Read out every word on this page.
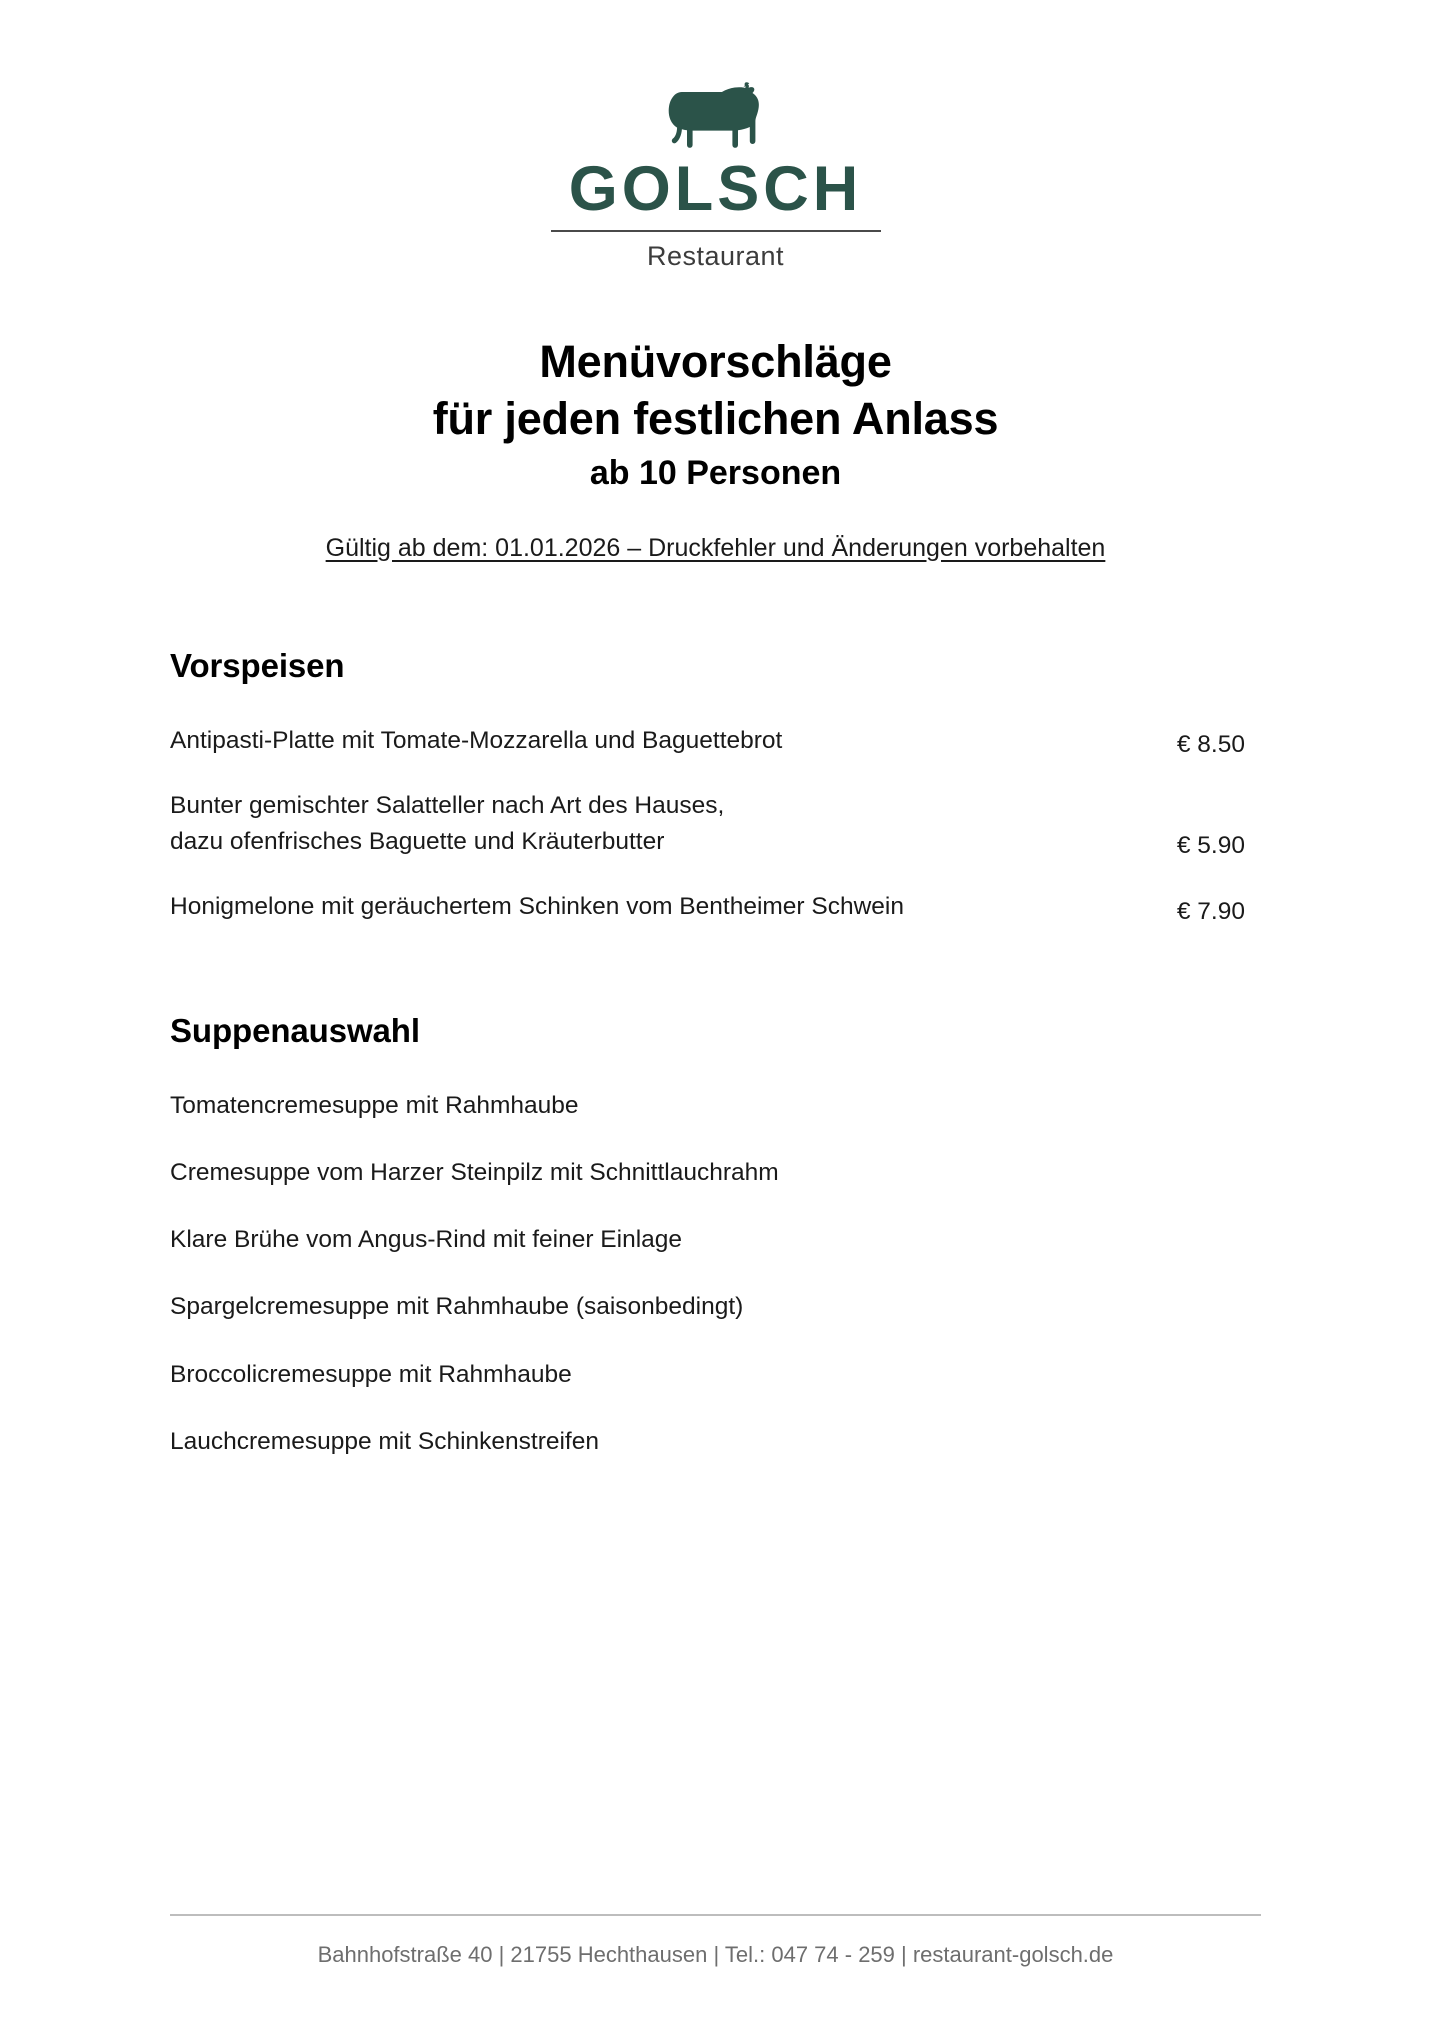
GOLSCH
Restaurant
Menüvorschläge
für jeden festlichen Anlass
ab 10 Personen
Gültig ab dem: 01.01.2026 – Druckfehler und Änderungen vorbehalten
Vorspeisen
Antipasti-Platte mit Tomate-Mozzarella und Baguettebrot	€ 8.50
Bunter gemischter Salatteller nach Art des Hauses,
dazu ofenfrisches Baguette und Kräuterbutter	€ 5.90
Honigmelone mit geräuchertem Schinken vom Bentheimer Schwein	€ 7.90
Suppenauswahl
Tomatencremesuppe mit Rahmhaube
Cremesuppe vom Harzer Steinpilz mit Schnittlauchrahm
Klare Brühe vom Angus-Rind mit feiner Einlage
Spargelcremesuppe mit Rahmhaube (saisonbedingt)
Broccolicremesuppe mit Rahmhaube
Lauchcremesuppe mit Schinkenstreifen
Bahnhofstraße 40 | 21755 Hechthausen | Tel.: 047 74 - 259 | restaurant-golsch.de
